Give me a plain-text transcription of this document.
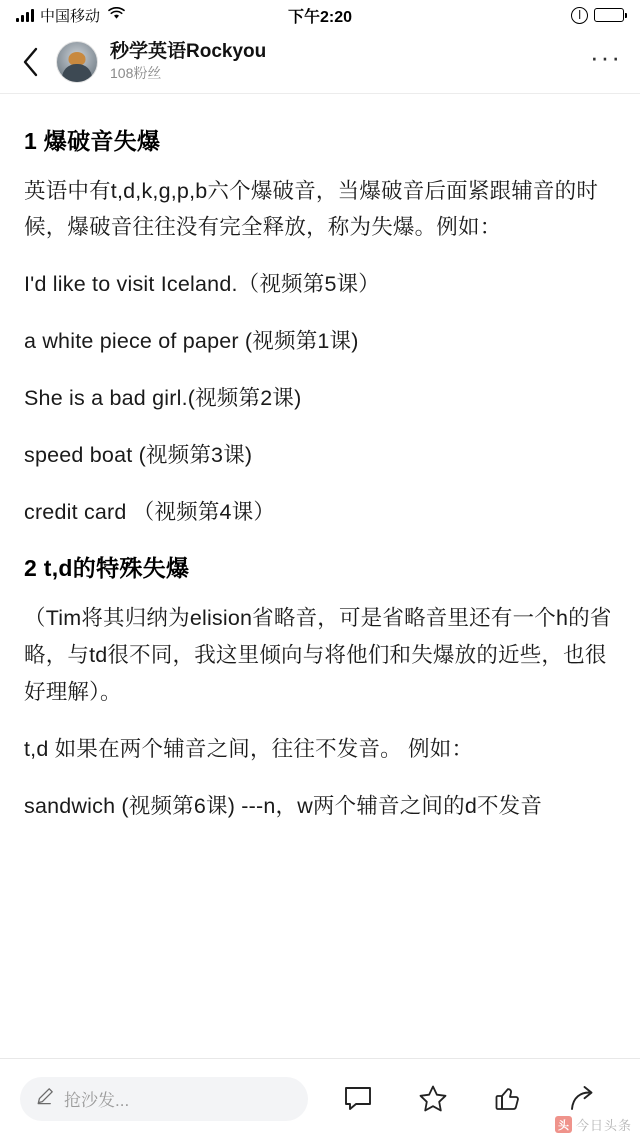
中国移动	下午2:20
秒学英语Rockyou
108粉丝
···
1 爆破音失爆
英语中有t,d,k,g,p,b六个爆破音，当爆破音后面紧跟辅音的时候，爆破音往往没有完全释放，称为失爆。例如：
I'd like to visit Iceland.（视频第5课）
a white piece of paper (视频第1课)
She is a bad girl.(视频第2课)
speed boat (视频第3课)
credit card （视频第4课）
2 t,d的特殊失爆
（Tim将其归纳为elision省略音，可是省略音里还有一个h的省略，与td很不同，我这里倾向与将他们和失爆放的近些，也很好理解）。
t,d 如果在两个辅音之间，往往不发音。 例如：
sandwich (视频第6课) ---n，w两个辅音之间的d不发音
抢沙发...
头 今日头条
